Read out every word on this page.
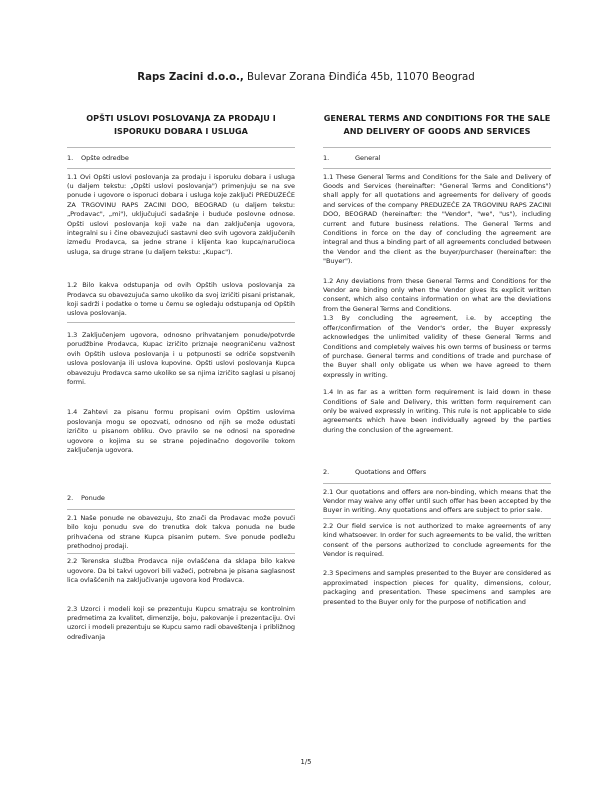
Raps Zacini d.o.o., Bulevar Zorana Đinđića 45b, 11070 Beograd
OPŠTI USLOVI POSLOVANJA ZA PRODAJU I ISPORUKU DOBARA I USLUGA
1. Opšte odredbe

1.1 Ovi Opšti uslovi poslovanja za prodaju i isporuku dobara i usluga (u daljem tekstu: „Opšti uslovi poslovanja") primenjuju se na sve ponude i ugovore o isporuci dobara i usluga koje zaključi PREDUZEĆE ZA TRGOVINU RAPS ZACINI DOO, BEOGRAD (u daljem tekstu: „Prodavac", „mi"), uključujući sadašnje i buduće poslovne odnose. Opšti uslovi poslovanja koji važe na dan zaključenja ugovora, integralni su i čine obavezujući sastavni deo svih ugovora zaključenih između Prodavca, sa jedne strane i klijenta kao kupca/naručioca usluga, sa druge strane (u daljem tekstu: „Kupac").

1.2 Bilo kakva odstupanja od ovih Opštih uslova poslovanja za Prodavca su obavezujuća samo ukoliko da svoj izričiti pisani pristanak, koji sadrži i podatke o tome u čemu se ogledaju odstupanja od Opštih uslova poslovanja.

1.3 Zaključenjem ugovora, odnosno prihvatanjem ponude/potvrde porudžbine Prodavca, Kupac izričito priznaje neograničenu važnost ovih Opštih uslova poslovanja i u potpunosti se odriče sopstvenih uslova poslovanja ili uslova kupovine. Opšti uslovi poslovanja Kupca obavezuju Prodavca samo ukoliko se sa njima izričito saglasi u pisanoj formi.

1.4 Zahtevi za pisanu formu propisani ovim Opštim uslovima poslovanja mogu se opozvati, odnosno od njih se može odustati izričito u pisanom obliku. Ovo pravilo se ne odnosi na sporedne ugovore o kojima su se strane pojedinačno dogovorile tokom zaključenja ugovora.

2. Ponude

2.1 Naše ponude ne obavezuju, što znači da Prodavac može povući bilo koju ponudu sve do trenutka dok takva ponuda ne bude prihvaćena od strane Kupca pisanim putem. Sve ponude podležu prethodnoj prodaji.

2.2 Terenska služba Prodavca nije ovlašćena da sklapa bilo kakve ugovore. Da bi takvi ugovori bili važeći, potrebna je pisana saglasnost lica ovlašćenih na zaključivanje ugovora kod Prodavca.

2.3 Uzorci i modeli koji se prezentuju Kupcu smatraju se kontrolnim predmetima za kvalitet, dimenzije, boju, pakovanje i prezentaciju. Ovi uzorci i modeli prezentuju se Kupcu samo radi obaveštenja i približnog određivanja

GENERAL TERMS AND CONDITIONS FOR THE SALE AND DELIVERY OF GOODS AND SERVICES
1.	General

1.1 These General Terms and Conditions for the Sale and Delivery of Goods and Services (hereinafter: "General Terms and Conditions") shall apply for all quotations and agreements for delivery of goods and services of the company PREDUZEĆE ZA TRGOVINU RAPS ZACINI DOO, BEOGRAD (hereinafter: the "Vendor", "we", "us"), including current and future business relations. The General Terms and Conditions in force on the day of concluding the agreement are integral and thus a binding part of all agreements concluded between the Vendor and the client as the buyer/purchaser (hereinafter: the "Buyer").

1.2 Any deviations from these General Terms and Conditions for the Vendor are binding only when the Vendor gives its explicit written consent, which also contains information on what are the deviations from the General Terms and Conditions.

1.3 By concluding the agreement, i.e. by accepting the offer/confirmation of the Vendor's order, the Buyer expressly acknowledges the unlimited validity of these General Terms and Conditions and completely waives his own terms of business or terms of purchase. General terms and conditions of trade and purchase of the Buyer shall only obligate us when we have agreed to them expressly in writing.

1.4 In as far as a written form requirement is laid down in these Conditions of Sale and Delivery, this written form requirement can only be waived expressly in writing. This rule is not applicable to side agreements which have been individually agreed by the parties during the conclusion of the agreement.

2.	Quotations and Offers

2.1 Our quotations and offers are non-binding, which means that the Vendor may waive any offer until such offer has been accepted by the Buyer in writing. Any quotations and offers are subject to prior sale.

2.2 Our field service is not authorized to make agreements of any kind whatsoever. In order for such agreements to be valid, the written consent of the persons authorized to conclude agreements for the Vendor is required.

2.3 Specimens and samples presented to the Buyer are considered as approximated inspection pieces for quality, dimensions, colour, packaging and presentation. These specimens and samples are presented to the Buyer only for the purpose of notification and

1/5
